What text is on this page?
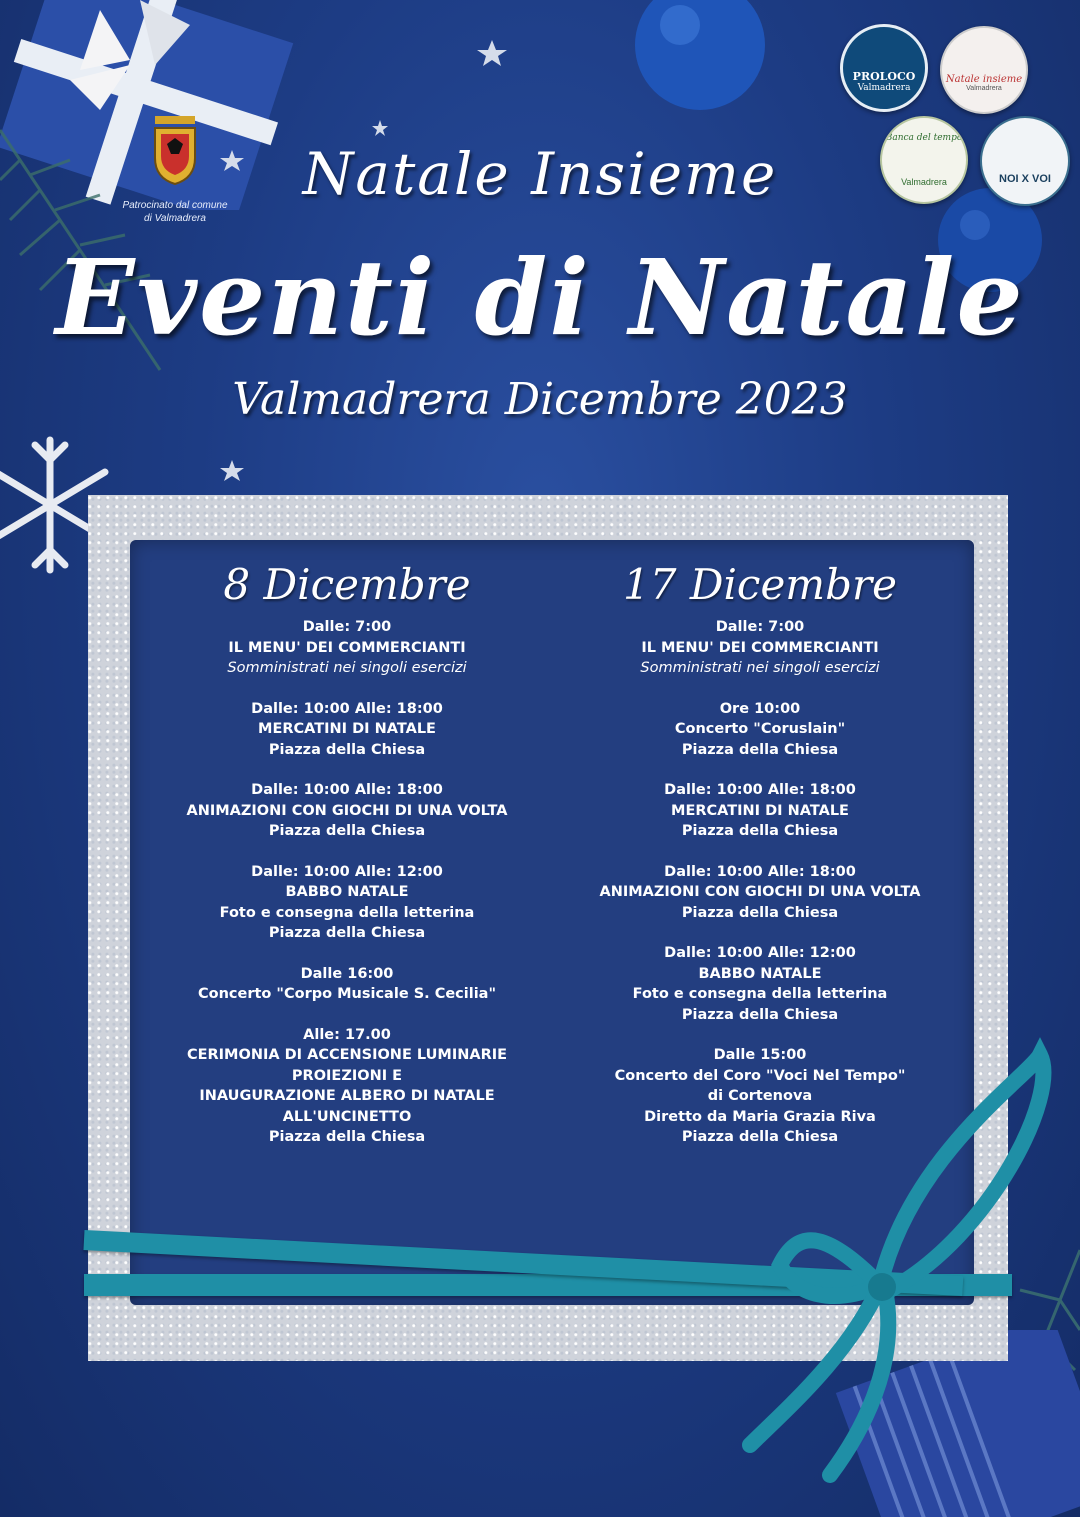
Patrocinato dal comune
di Valmadrera
PROLOCO
Valmadrera
Natale insieme
Valmadrera
Banca del tempo
Valmadrera	NOI X VOI
Natale Insieme
Eventi di Natale
Valmadrera Dicembre 2023
8 Dicembre
Dalle: 7:00
IL MENU' DEI COMMERCIANTI
Somministrati nei singoli esercizi
Dalle: 10:00 Alle: 18:00
MERCATINI DI NATALE
Piazza della Chiesa
Dalle: 10:00 Alle: 18:00
ANIMAZIONI CON GIOCHI DI UNA VOLTA
Piazza della Chiesa
Dalle: 10:00 Alle: 12:00
BABBO NATALE
Foto e consegna della letterina
Piazza della Chiesa
Dalle 16:00
Concerto "Corpo Musicale S. Cecilia"
Alle: 17.00
CERIMONIA DI ACCENSIONE LUMINARIE PROIEZIONI E
INAUGURAZIONE ALBERO DI NATALE ALL'UNCINETTO
Piazza della Chiesa
17 Dicembre
Dalle: 7:00
IL MENU' DEI COMMERCIANTI
Somministrati nei singoli esercizi
Ore 10:00
Concerto "Coruslain"
Piazza della Chiesa
Dalle: 10:00 Alle: 18:00
MERCATINI DI NATALE
Piazza della Chiesa
Dalle: 10:00 Alle: 18:00
ANIMAZIONI CON GIOCHI DI UNA VOLTA
Piazza della Chiesa
Dalle: 10:00 Alle: 12:00
BABBO NATALE
Foto e consegna della letterina
Piazza della Chiesa
Dalle 15:00
Concerto del Coro "Voci Nel Tempo"
di Cortenova
Diretto da Maria Grazia Riva
Piazza della Chiesa
